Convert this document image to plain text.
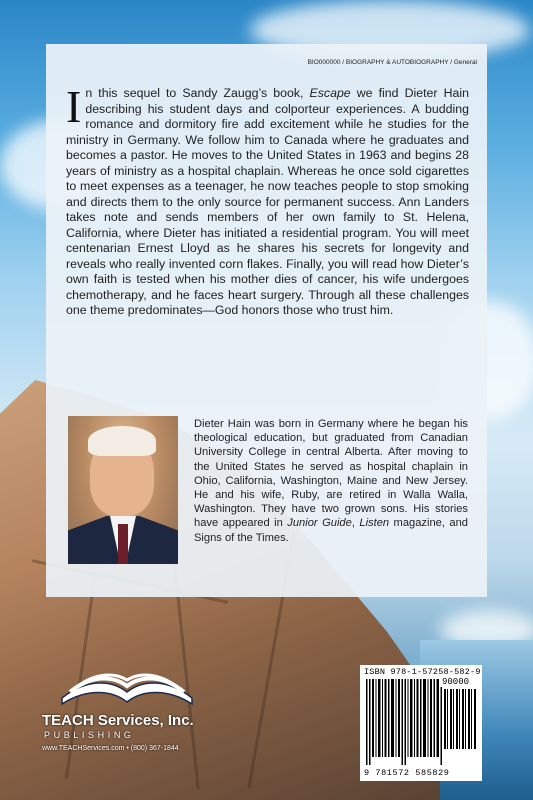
BIO000000 / BIOGRAPHY & AUTOBIOGRAPHY / General

In this sequel to Sandy Zaugg’s book, Escape we find Dieter Hain describing his student days and colporteur experiences. A budding romance and dormitory fire add excitement while he studies for the ministry in Germany. We follow him to Canada where he graduates and becomes a pastor. He moves to the United States in 1963 and begins 28 years of ministry as a hospital chaplain. Whereas he once sold cigarettes to meet expenses as a teenager, he now teaches people to stop smoking and directs them to the only source for permanent success. Ann Landers takes note and sends members of her own family to St. Helena, California, where Dieter has initiated a residential program. You will meet centenarian Ernest Lloyd as he shares his secrets for longevity and reveals who really invented corn flakes. Finally, you will read how Dieter’s own faith is tested when his mother dies of cancer, his wife undergoes chemotherapy, and he faces heart surgery. Through all these challenges one theme predominates—God honors those who trust him.

Dieter Hain was born in Germany where he began his theological education, but graduated from Canadian University College in central Alberta. After moving to the United States he served as hospital chaplain in Ohio, California, Washington, Maine and New Jersey. He and his wife, Ruby, are retired in Walla Walla, Washington. They have two grown sons. His stories have appeared in Junior Guide, Listen magazine, and Signs of the Times.

TEACH Services, Inc.
PUBLISHING
www.TEACHServices.com • (800) 367-1844
ISBN 978-1-57258-582-9
90000
9 781572 585829
